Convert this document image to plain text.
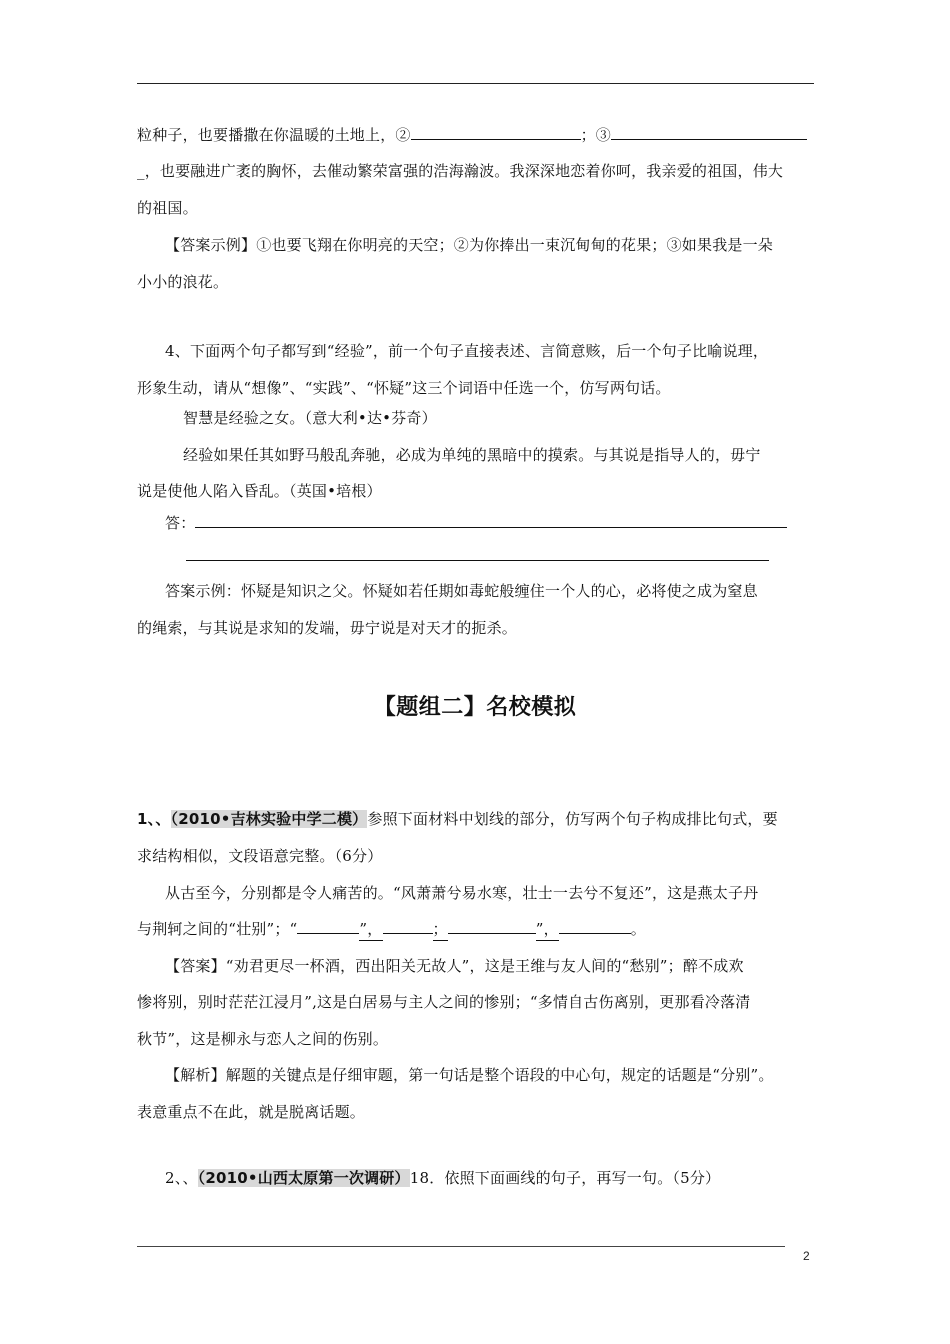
粒种子，也要播撒在你温暖的土地上，②	；③
_，也要融进广袤的胸怀，去催动繁荣富强的浩海瀚波。我深深地恋着你呵，我亲爱的祖国，伟大
的祖国。
【答案示例】①也要飞翔在你明亮的天空；②为你捧出一束沉甸甸的花果；③如果我是一朵
小小的浪花。
4、下面两个句子都写到“经验”，前一个句子直接表述、言简意赅，后一个句子比喻说理，
形象生动，请从“想像”、“实践”、“怀疑”这三个词语中任选一个，仿写两句话。
智慧是经验之女。（意大利•达•芬奇）
经验如果任其如野马般乱奔驰，必成为单纯的黑暗中的摸索。与其说是指导人的，毋宁
说是使他人陷入昏乱。（英国•培根）
答：
答案示例：怀疑是知识之父。怀疑如若任期如毒蛇般缠住一个人的心，必将使之成为窒息
的绳索，与其说是求知的发端，毋宁说是对天才的扼杀。
【题组二】名校模拟
1、、（2010•吉林实验中学二模）参照下面材料中划线的部分，仿写两个句子构成排比句式，要
求结构相似，文段语意完整。（6分）
从古至今，分别都是令人痛苦的。“风萧萧兮易水寒，壮士一去兮不复还”，这是燕太子丹
与荆轲之间的“壮别”；“	”，	；	”，	。
【答案】“劝君更尽一杯酒，西出阳关无故人”，这是王维与友人间的“愁别”；醉不成欢
惨将别，别时茫茫江浸月”,这是白居易与主人之间的惨别；“多情自古伤离别，更那看冷落清
秋节”，这是柳永与恋人之间的伤别。
【解析】解题的关键点是仔细审题，第一句话是整个语段的中心句，规定的话题是“分别”。
表意重点不在此，就是脱离话题。
2、、（2010•山西太原第一次调研）18．依照下面画线的句子，再写一句。（5分）
2
